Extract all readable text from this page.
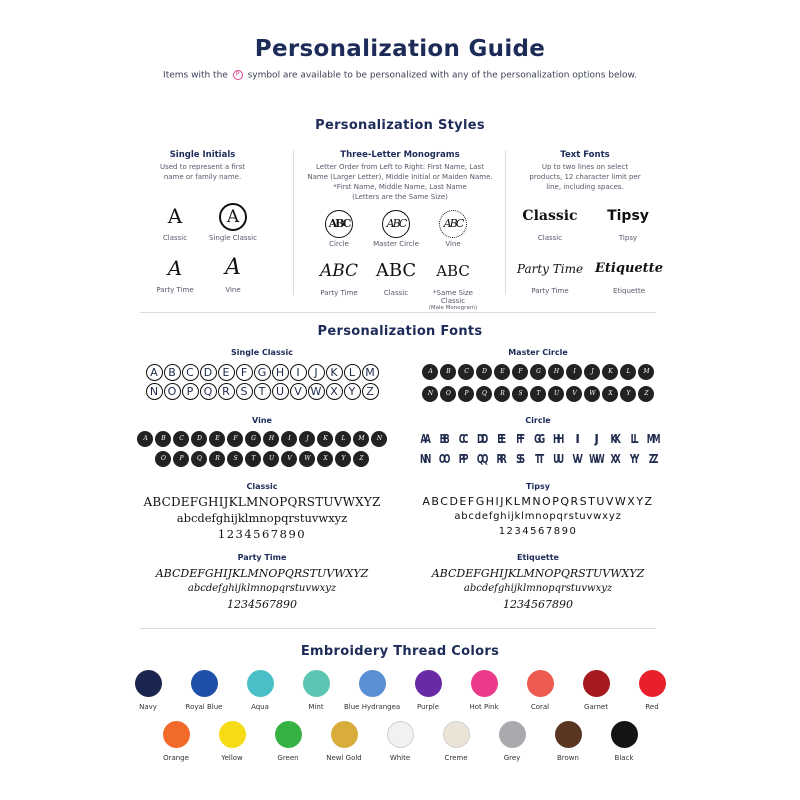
Personalization Guide
Items with the P symbol are available to be personalized with any of the personalization options below.
Personalization Styles
Single Initials
Used to represent a first name or family name.
A
Classic
A
Single Classic
A
Party Time
A
Vine
Three-Letter Monograms
Letter Order from Left to Right: First Name, Last
Name (Larger Letter), Middle Initial or Maiden Name.
*First Name, Middle Name, Last Name
(Letters are the Same Size)
ABC
Circle
ABC
Master Circle
ABC
Vine
ABC
Party Time
ABC
Classic
ABC
*Same Size Classic
(Male Monogram)
Text Fonts
Up to two lines on select
products, 12 character limit per
line, including spaces.
Classic
Classic
Tipsy
Tipsy
Party Time
Party Time
Etiquette
Etiquette
Personalization Fonts
Single Classic
A B C D E	F G H	I	J	K	L M
N O P Q R S	T U V W X Y Z
Master Circle
A	B	C	D	E	F	G	H	I	J	K	L	M
N	O	P	Q	R	S	T	U	V	W	X	Y	Z
Vine
A	B	C	D	E	F	G	H	I	J	K	L	M	N
O	P	Q	R	S	T	U	V	W	X	Y	Z
Circle
AA BB CC DD EE FF GG HH	II	JJ	KK LL MM
NN OO PP QQ RR SS TT UU VV WW XX YY ZZ
Classic
ABCDEFGHIJKLMNOPQRSTUVWXYZ
abcdefghijklmnopqrstuvwxyz
1234567890
Tipsy
ABCDEFGHIJKLMNOPQRSTUVWXYZ
abcdefghijklmnopqrstuvwxyz
1234567890
Party Time
ABCDEFGHIJKLMNOPQRSTUVWXYZ
abcdefghijklmnopqrstuvwxyz
1234567890
Etiquette
ABCDEFGHIJKLMNOPQRSTUVWXYZ
abcdefghijklmnopqrstuvwxyz
1234567890
Embroidery Thread Colors
Navy	Royal Blue	Aqua	Mint	Blue Hydrangea	Purple	Hot Pink	Coral	Garnet	Red
Orange	Yellow	Green	Newl Gold	White	Creme	Grey	Brown	Black
